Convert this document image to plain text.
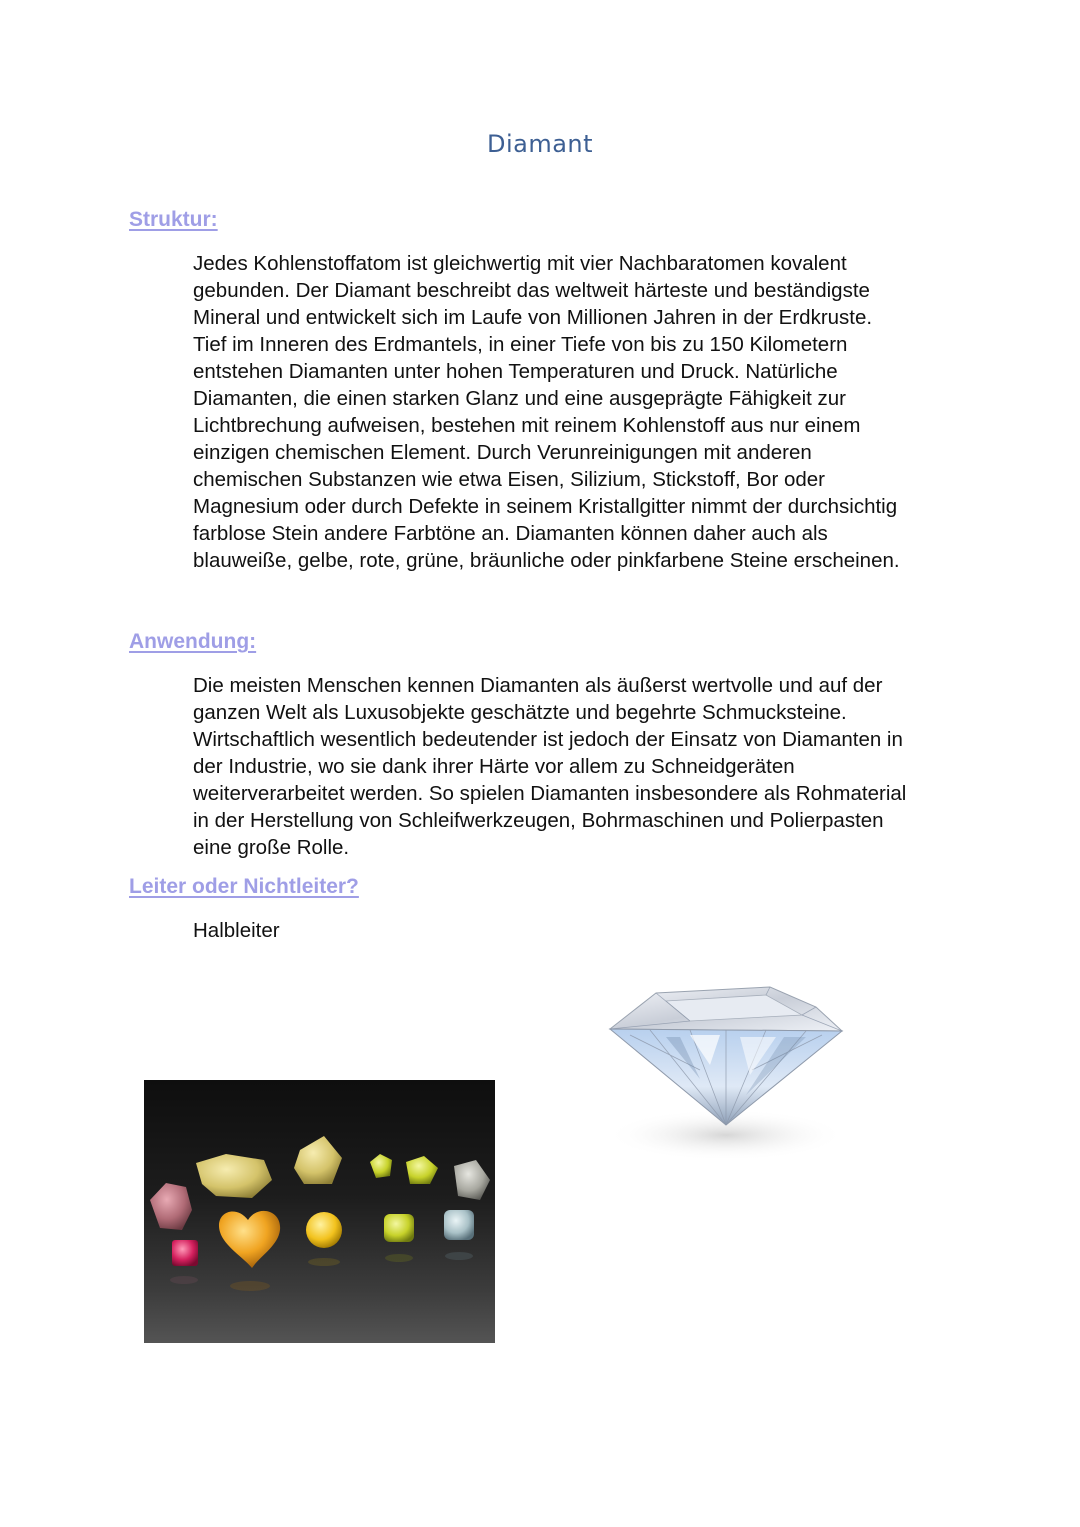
Diamant
Struktur:

Jedes Kohlenstoffatom ist gleichwertig mit vier Nachbaratomen kovalent
gebunden. Der Diamant beschreibt das weltweit härteste und beständigste
Mineral und entwickelt sich im Laufe von Millionen Jahren in der Erdkruste.
Tief im Inneren des Erdmantels, in einer Tiefe von bis zu 150 Kilometern
entstehen Diamanten unter hohen Temperaturen und Druck. Natürliche
Diamanten, die einen starken Glanz und eine ausgeprägte Fähigkeit zur
Lichtbrechung aufweisen, bestehen mit reinem Kohlenstoff aus nur einem
einzigen chemischen Element. Durch Verunreinigungen mit anderen
chemischen Substanzen wie etwa Eisen, Silizium, Stickstoff, Bor oder
Magnesium oder durch Defekte in seinem Kristallgitter nimmt der durchsichtig
farblose Stein andere Farbtöne an. Diamanten können daher auch als
blauweiße, gelbe, rote, grüne, bräunliche oder pinkfarbene Steine erscheinen.

Anwendung:

Die meisten Menschen kennen Diamanten als äußerst wertvolle und auf der
ganzen Welt als Luxusobjekte geschätzte und begehrte Schmucksteine.
Wirtschaftlich wesentlich bedeutender ist jedoch der Einsatz von Diamanten in
der Industrie, wo sie dank ihrer Härte vor allem zu Schneidgeräten
weiterverarbeitet werden. So spielen Diamanten insbesondere als Rohmaterial
in der Herstellung von Schleifwerkzeugen, Bohrmaschinen und Polierpasten
eine große Rolle.

Leiter oder Nichtleiter?
Halbleiter
